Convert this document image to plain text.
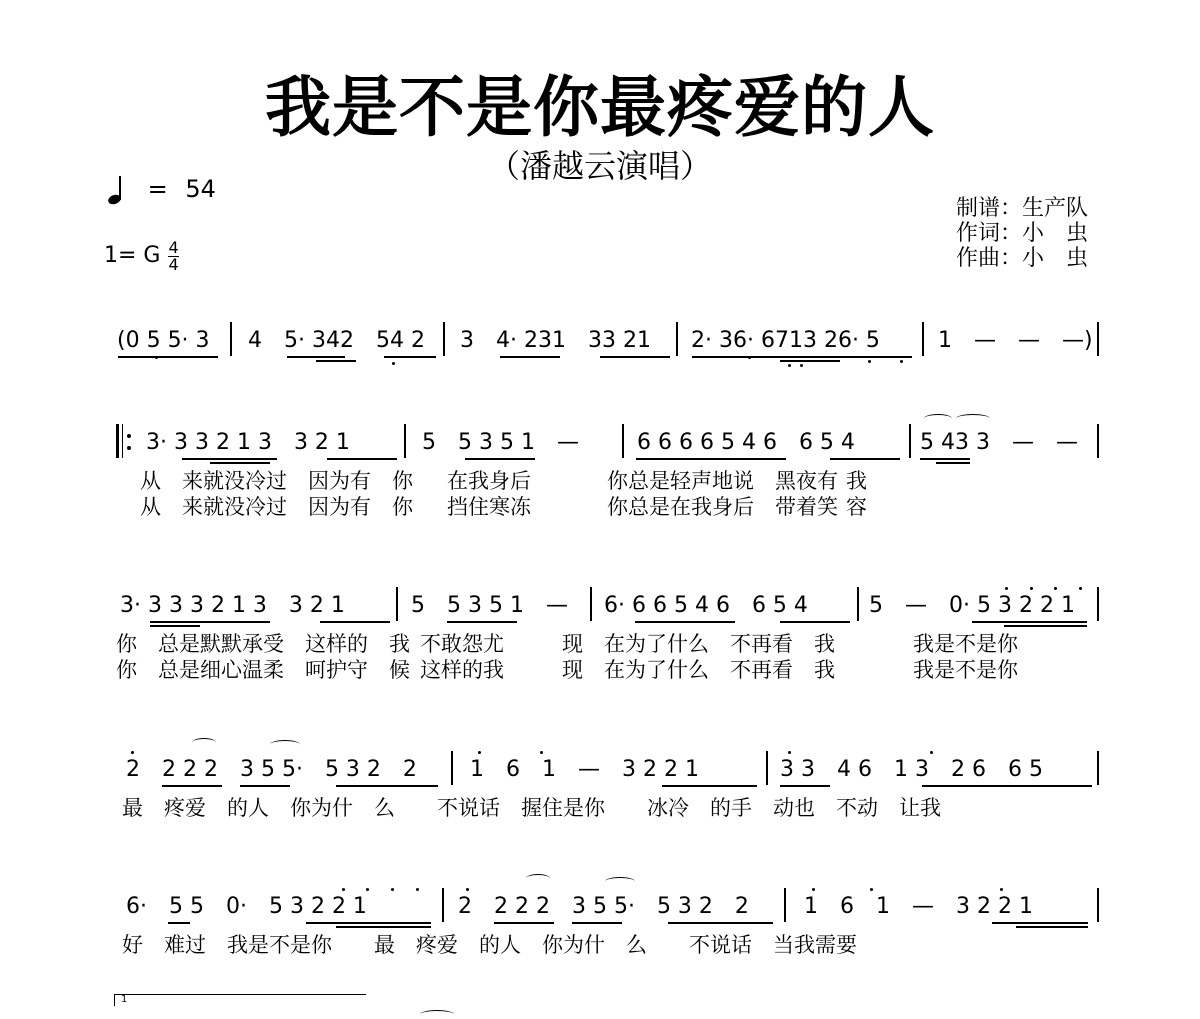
我是不是你最疼爱的人
（潘越云演唱）
= 54
1= G $\frac{4}{4}$
制谱：生产队
作词：小　虫
作曲：小　虫
(0 5 5· 3 4　5· 342　54 2 3　4· 231　33 21 2· 36· 6713 26· 5	1　—　—　—)
3· 3 3 2 1 3　3 2 1	5　5 3 5 1　—	6 6 6 6 5 4 6　6 5 4	5 43 3　—　—
从　来就没冷过　因为有　你 在我身后	你总是轻声地说　黑夜有 我
从　来就没冷过　因为有　你 挡住寒冻	你总是在我身后　带着笑 容
3· 3 3 3 2 1 3　3 2 1	5　5 3 5 1　— 6· 6 6 5 4 6　6 5 4	5　—　0· 5 3 2 2 1
你　总是默默承受　这样的　我 不敢怨尤	现　在为了什么　不再看　我	我是不是你
你　总是细心温柔　呵护守　候 这样的我	现　在为了什么　不再看　我	我是不是你
2　2 2 2　3 5 5·　5 3 2　2 1　6　1　—　3 2 2 1	3 3　4 6　1 3　2 6　6 5
最　疼爱　的人　你为什　么 不说话　握住是你 冰冷　的手　动也　不动　让我
6·　5 5　0·　5 3 2 2 1	2　2 2 2　3 5 5·　5 3 2　2	1　6　1　—　3 2 2 1
好　难过　我是不是你 最　疼爱　的人　你为什　么 不说话　当我需要
1
